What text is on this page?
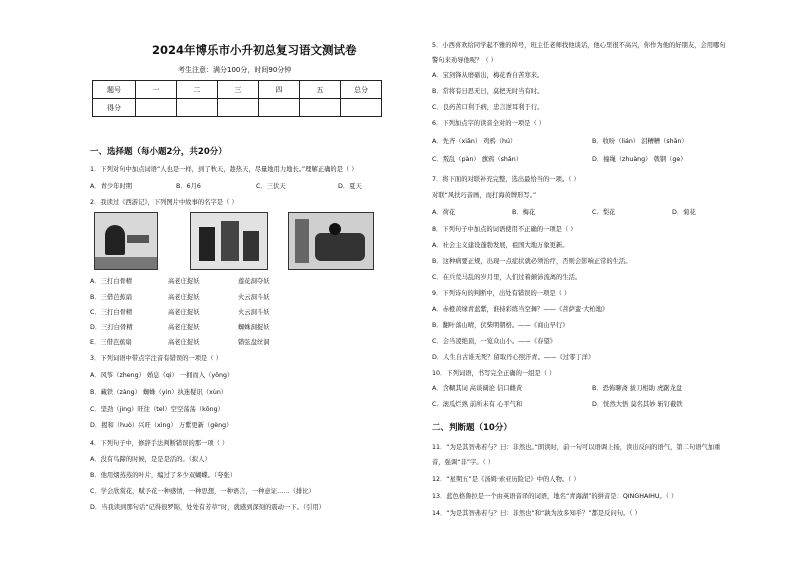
2024年博乐市小升初总复习语文测试卷
考生注意：满分100分，时间90分钟
题号	一	二	三	四	五	总分
得分						
一、选择题（每小题2分，共20分）
1．下列对句中加点词语“人也是一样，到了秋天，趁热天，尽量地用力地长。”理解正确的是（ ）
A．青少年时期	B．6月6	C．三伏天	D．夏天
2．我读过《西游记》，下列图片中故事的名字是（ ）
A．三打白骨精	高老庄捉妖	莲花洞夺妖
B．三借芭蕉扇	高老庄捉妖	火云洞斗妖
C．三打白骨精	高老庄捉妖	火云洞斗妖
D．三打白骨精	高老庄捉妖	蜘蛛洞捉妖
E．三借芭蕉扇	高老庄捉妖	错弦盘丝洞
3．下列词语中带点字注音有错误的一项是（ ）
A．风筝（zheng） 婚息（qi） 一拥而入（yōng）
B．藏铁（zàng） 蜘蛛（yin）执迷疑讯（xùn）
C．坚劲（jing）旺往（tel）空空荡荡（kōng）
D．揭和（huò）兴旺（xìng） 万紫更新（gèng）
4．下列句子中，修辞手法判断错误的那一项（ ）
A．没有鸟蹄的时候，是是是活的。（拟人）
B．他用烟蒸蒸的叶片，编过了多少双蝴蝶。（夸张）
C．学会欣赏花，赋予花一种感情，一种思想，一种语言，一种意证……（排比）
D．当我读到那句话“记得很罗锦，处处有芳草”时，就感到深刻的震动一下。（引用）
5．小西喜欢给同学起不雅的绰号，班主任老师找他谈话，他心里很不高兴，你作为他的好朋友，会用哪句
警句来劝导他呢？（ ）
A．宝剑锋从磨砺出，梅花香自苦寒来。
B．常将有日思无日，莫把无时当有时。
C．良药苦口利于病，忠言逆耳利于行。
6．下列加点字的读音全对的一项是（ ）
A．先齐（xiǎn） 鸡鸦（hú）	B．收吩（lián） 泪糟糟（shān）
C．叛乱（pàn） 旗鸦（shǎn）	D．撞绳（zhuàng） 戟钢（ge）
7．将下面的对联补充完整，选出最恰当的一项。（ ）
对联“风扶巧音画，而打海黄牌形写。”
A．荷花	B．梅花	C．梨花	D．菊花
8．下列句子中加点的词语使用不正确的一项是（ ）
A．社会主义建设蓬勃发展，祖国大地万象更新。
B．这种病要正规，出现一点症状就必须治疗，否则会影响正常的生活。
C．在兵荒马乱的岁月里，人们过着颠沛流离的生活。
9．下列诗句的判断中，出处有错误的一项是（ ）
A．赤橙黄绿青蓝紫，谁持彩练当空舞？——《菩萨蛮·大柏地》
B．翻叶落山晴，伏柴明朝格。——《商山早行》
C．会当凌绝顶，一览众山小。——《春望》
D．人生自古谁无死？留取丹心照汗青。——《过零丁洋》
10．下列词语，书写完全正确的一组是（ ）
A．含糊其词 高谈阔论 信口雌黄	B．恐怖聊斋 拔刀相助 虎踞龙盘
C．滚瓜烂熟 前所未有 心平气和	D．恍然大悟 莫名其妙 斩钉截铁
二、判断题（10分）
11．“为是其智弗若与？曰：非然也。”朗读时，前一句可以语调上扬，读出反问的语气，第二句语气加重
音，强调“非”字。（ ）
12．“星期五”是《汤姆·索亚历险记》中的人物。（ ）
13．蓝色格鲁拉是一个由英语音译的词语，地名“青海湖”的拼音是：QINGHAIHU。（ ）
14．“为是其智弗若与？曰：非然也”和“孰为汝多知乎？”都是反问句。（ ）
